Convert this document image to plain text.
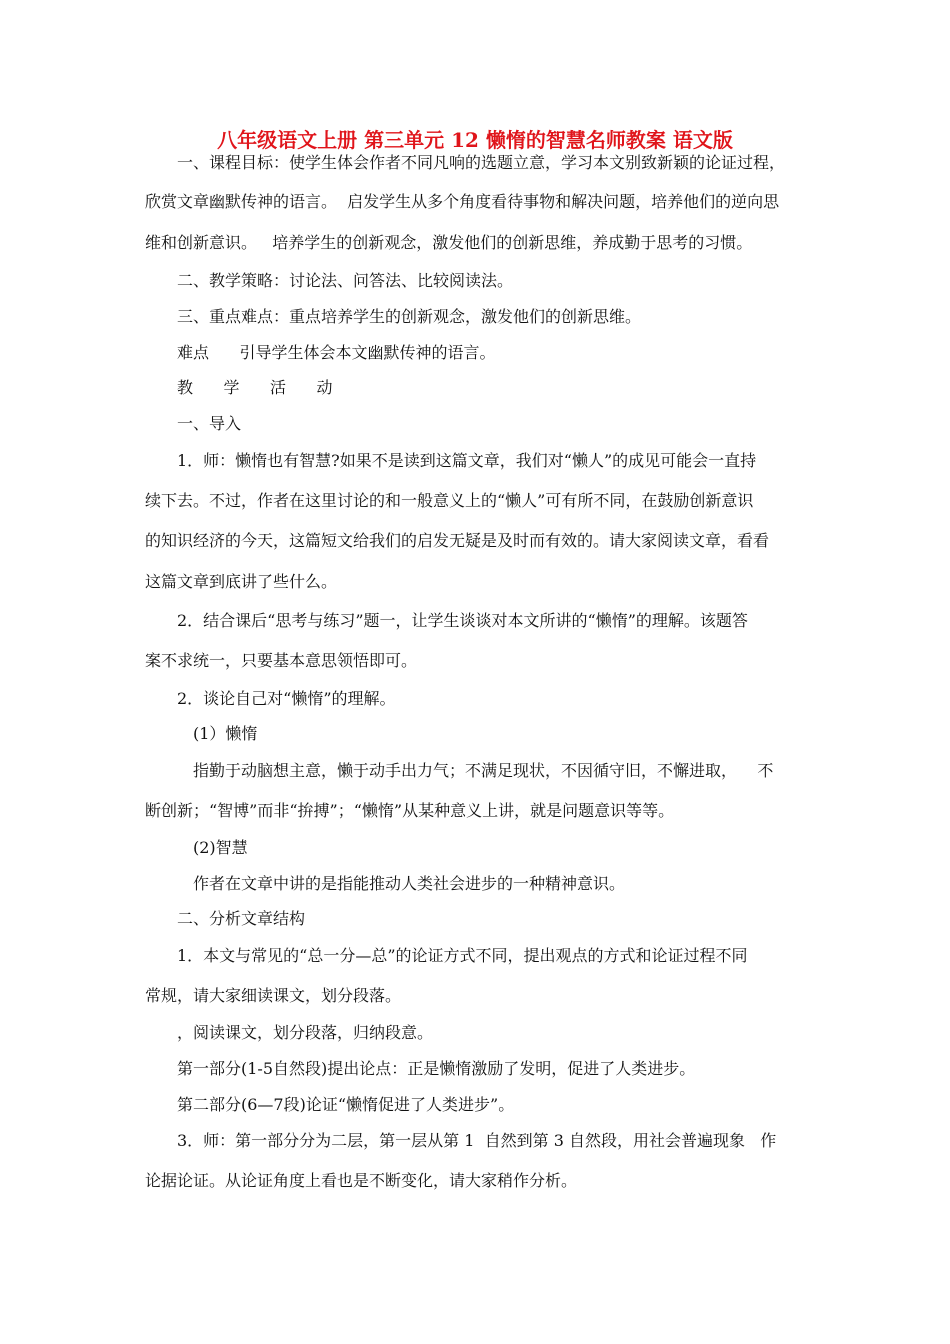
八年级语文上册 第三单元 12 懒惰的智慧名师教案 语文版
一、课程目标：使学生体会作者不同凡响的选题立意，学习本文别致新颖的论证过程，
欣赏文章幽默传神的语言。  启发学生从多个角度看待事物和解决问题，培养他们的逆向思
维和创新意识。   培养学生的创新观念，激发他们的创新思维，养成勤于思考的习惯。
二、教学策略：讨论法、问答法、比较阅读法。
三、重点难点：重点培养学生的创新观念，激发他们的创新思维。
难点      引导学生体会本文幽默传神的语言。
教      学      活      动
一、导入
1．师：懒惰也有智慧?如果不是读到这篇文章，我们对“懒人”的成见可能会一直持
续下去。不过，作者在这里讨论的和一般意义上的“懒人”可有所不同，在鼓励创新意识
的知识经济的今天，这篇短文给我们的启发无疑是及时而有效的。请大家阅读文章，看看
这篇文章到底讲了些什么。
2．结合课后“思考与练习”题一，让学生谈谈对本文所讲的“懒惰”的理解。该题答
案不求统一，只要基本意思领悟即可。
2．谈论自己对“懒惰”的理解。
(1）懒惰
指勤于动脑想主意，懒于动手出力气；不满足现状，不因循守旧，不懈进取，    不
断创新；“智博”而非“拚搏”；“懒惰”从某种意义上讲，就是问题意识等等。
(2)智慧
作者在文章中讲的是指能推动人类社会进步的一种精神意识。
二、分析文章结构
1．本文与常见的“总一分—总”的论证方式不同，提出观点的方式和论证过程不同
常规，请大家细读课文，划分段落。
，阅读课文，划分段落，归纳段意。
第一部分(1-5自然段)提出论点：正是懒惰激励了发明，促进了人类进步。
第二部分(6—7段)论证“懒惰促进了人类进步”。
3．师：第一部分分为二层，第一层从第 1  自然到第 3 自然段，用社会普遍现象   作
论据论证。从论证角度上看也是不断变化，请大家稍作分析。
